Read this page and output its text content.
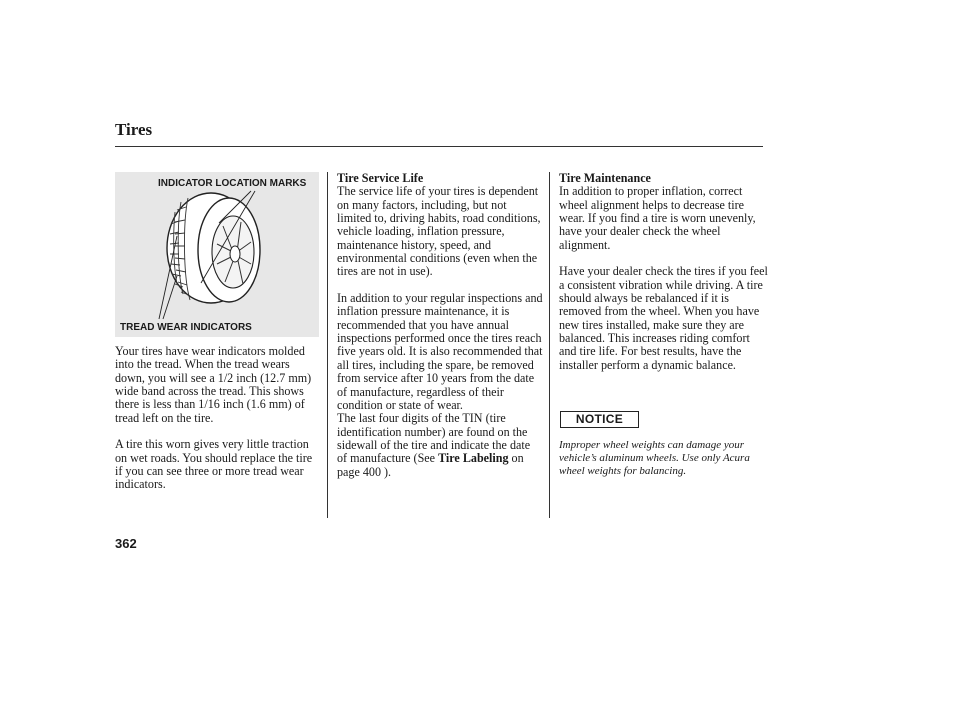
Tires
INDICATOR LOCATION MARKS
TREAD WEAR INDICATORS

Your tires have wear indicators molded into the tread. When the tread wears down, you will see a 1/2 inch (12.7 mm) wide band across the tread. This shows there is less than 1/16 inch (1.6 mm) of tread left on the tire.

A tire this worn gives very little traction on wet roads. You should replace the tire if you can see three or more tread wear indicators.

Tire Service Life

The service life of your tires is dependent on many factors, including, but not limited to, driving habits, road conditions, vehicle loading, inflation pressure, maintenance history, speed, and environmental conditions (even when the tires are not in use).

In addition to your regular inspections and inflation pressure maintenance, it is recommended that you have annual inspections performed once the tires reach five years old. It is also recommended that all tires, including the spare, be removed from service after 10 years from the date of manufacture, regardless of their condition or state of wear.

The last four digits of the TIN (tire identification number) are found on the sidewall of the tire and indicate the date of manufacture (See Tire Labeling on page 400 ).

Tire Maintenance

In addition to proper inflation, correct wheel alignment helps to decrease tire wear. If you find a tire is worn unevenly, have your dealer check the wheel alignment.

Have your dealer check the tires if you feel a consistent vibration while driving. A tire should always be rebalanced if it is removed from the wheel. When you have new tires installed, make sure they are balanced. This increases riding comfort and tire life. For best results, have the installer perform a dynamic balance.

NOTICE
Improper wheel weights can damage your vehicle’s aluminum wheels. Use only Acura wheel weights for balancing.
362
